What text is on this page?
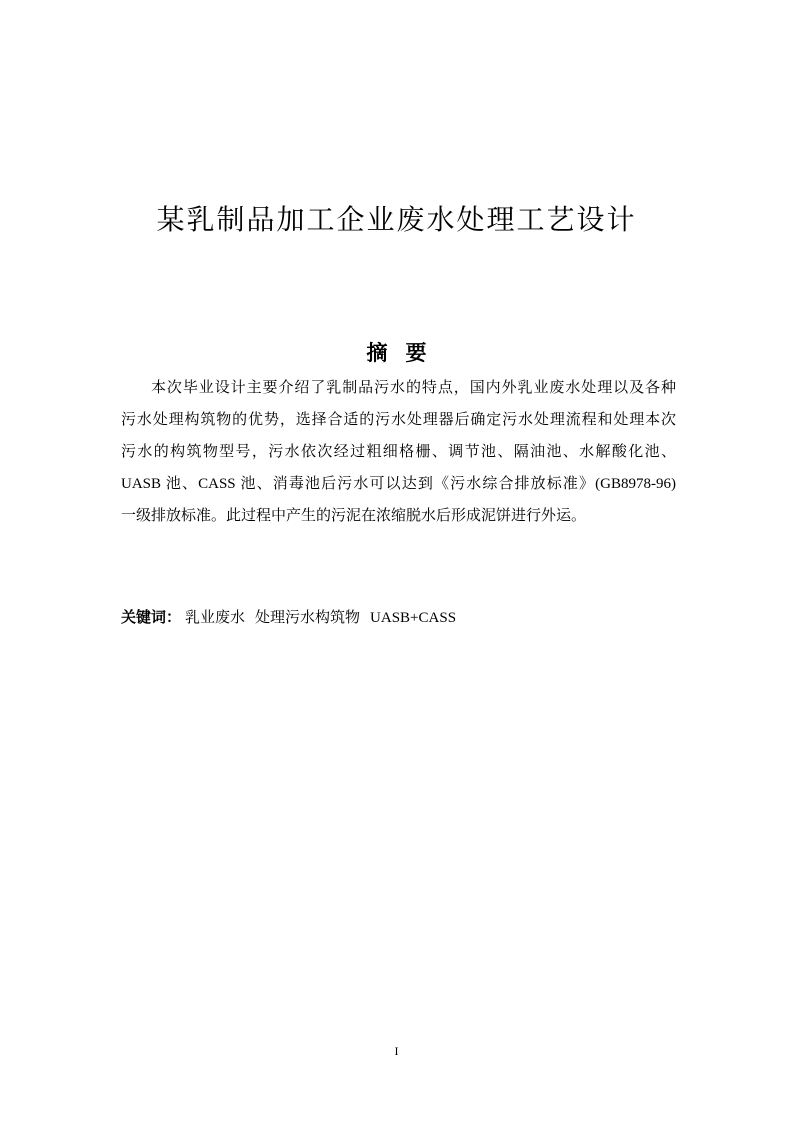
某乳制品加工企业废水处理工艺设计
摘要
本次毕业设计主要介绍了乳制品污水的特点，国内外乳业废水处理以及各种
污水处理构筑物的优势，选择合适的污水处理器后确定污水处理流程和处理本次
污水的构筑物型号，污水依次经过粗细格栅、调节池、隔油池、水解酸化池、
UASB 池、CASS 池、消毒池后污水可以达到《污水综合排放标准》(GB8978-96)
一级排放标准。此过程中产生的污泥在浓缩脱水后形成泥饼进行外运。
关键词： 乳业废水 处理污水构筑物 UASB+CASS
I
